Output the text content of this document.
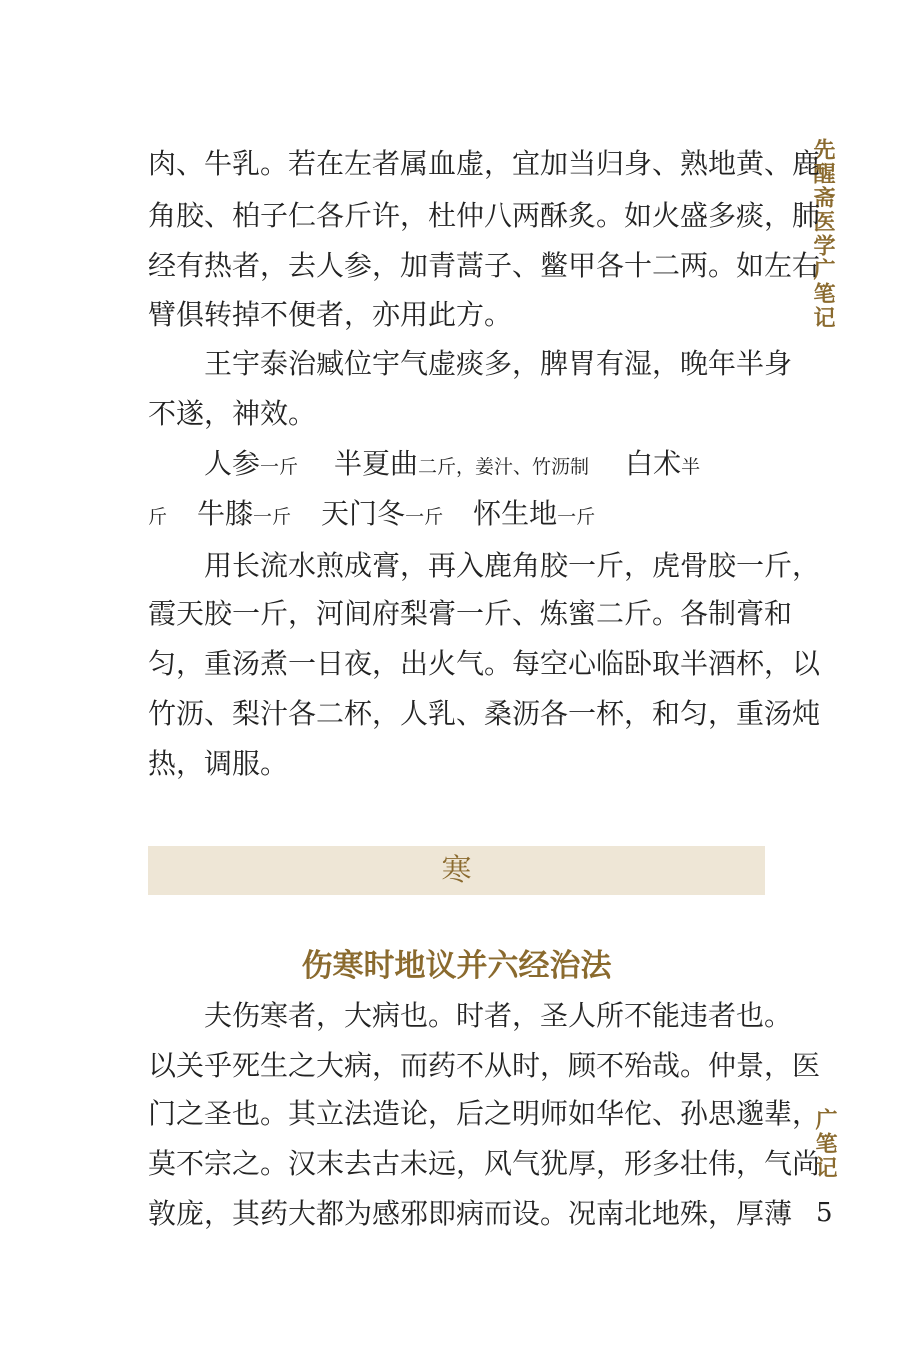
先醒斋医学广笔记
肉、牛乳。若在左者属血虚，宜加当归身、熟地黄、鹿
角胶、柏子仁各斤许，杜仲八两酥炙。如火盛多痰，肺
经有热者，去人参，加青蒿子、鳖甲各十二两。如左右
臂俱转掉不便者，亦用此方。
王宇泰治臧位宇气虚痰多，脾胃有湿，晚年半身
不遂，神效。
人参一斤 半夏曲二斤，姜汁、竹沥制 白术半
斤 牛膝一斤 天门冬一斤 怀生地一斤
用长流水煎成膏，再入鹿角胶一斤，虎骨胶一斤，
霞天胶一斤，河间府梨膏一斤、炼蜜二斤。各制膏和
匀，重汤煮一日夜，出火气。每空心临卧取半酒杯，以
竹沥、梨汁各二杯，人乳、桑沥各一杯，和匀，重汤炖
热，调服。
寒
伤寒时地议并六经治法
夫伤寒者，大病也。时者，圣人所不能违者也。
以关乎死生之大病，而药不从时，顾不殆哉。仲景，医
门之圣也。其立法造论，后之明师如华佗、孙思邈辈，
莫不宗之。汉末去古未远，风气犹厚，形多壮伟，气尚
敦庞，其药大都为感邪即病而设。况南北地殊，厚薄
广笔记
5
